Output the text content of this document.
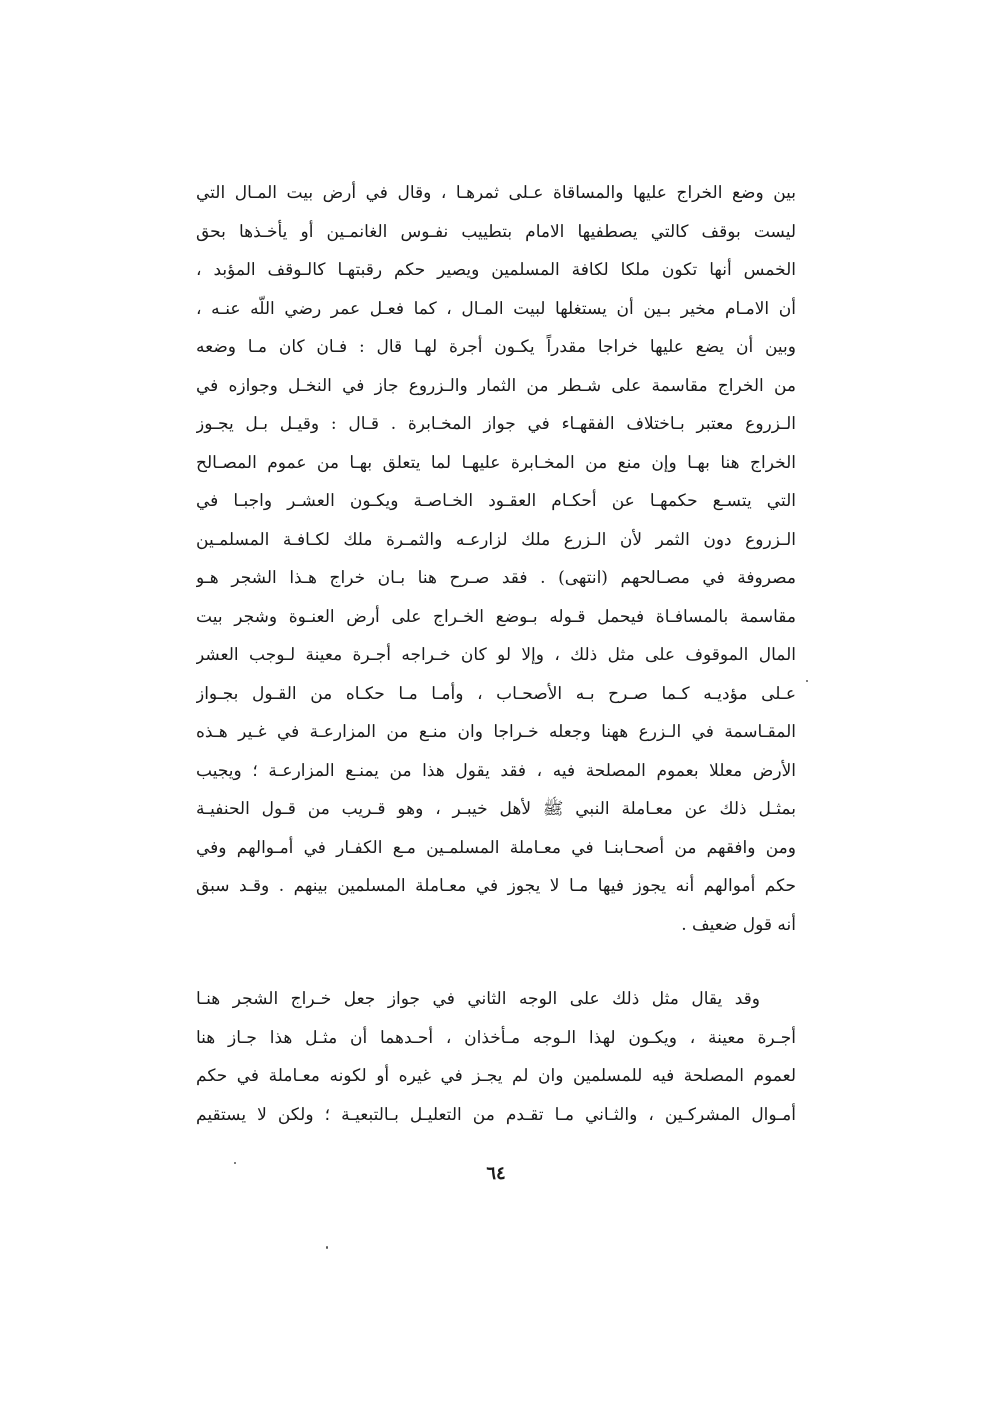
بين وضع الخراج عليها والمساقاة عـلى ثمرهـا ، وقال في أرض بيت المـال التي
ليست بوقف كالتي يصطفيها الامام بتطييب نفـوس الغانمـين أو يأخـذها بحق
الخمس أنها تكون ملكا لكافة المسلمين ويصير حكم رقبتهـا كالـوقف المؤبد ،
أن الامـام مخير بـين أن يستغلها لبيت المـال ، كما فعـل عمر رضي اللّه عنـه ،
وبين أن يضع عليها خراجا مقدراً يكـون أجرة لهـا قال : فـان كان مـا وضعه
من الخراج مقاسمة على شـطر من الثمار والـزروع جاز في النخـل وجوازه في
الـزروع معتبر بـاختلاف الفقهـاء في جواز المخـابرة . قـال : وقيـل بـل يجـوز
الخراج هنا بهـا وإن منع من المخـابرة عليهـا لما يتعلق بهـا من عموم المصـالح
التي يتسـع حكمهـا عن أحكـام العقـود الخـاصـة ويكـون العشـر واجبـا في
الـزروع دون الثمر لأن الـزرع ملك لزارعـه والثمـرة ملك لكـافـة المسلمـين
مصروفة في مصـالحهم (انتهى) . فقد صـرح هنا بـان خراج هـذا الشجر هـو
مقاسمة بالمسافـاة فيحمل قـوله بـوضع الخـراج على أرض العنـوة وشجر بيت
المال الموقوف على مثل ذلك ، وإلا لو كان خـراجه أجـرة معينة لـوجب العشر
عـلى مؤديـه كـما صـرح بـه الأصحـاب ، وأمـا مـا حكـاه من القـول بجـواز
المقـاسمة في الـزرع ههنا وجعله خـراجا وان منـع من المزارعـة في غـير هـذه
الأرض معللا بعموم المصلحة فيه ، فقد يقول هذا من يمنـع المزارعـة ؛ ويجيب
بمثـل ذلك عن معـاملة النبي ﷺ لأهل خيبـر ، وهو قـريب من قـول الحنفيـة
ومن وافقهم من أصحـابنـا في معـاملة المسلمـين مـع الكفـار في أمـوالهم وفي
حكم أموالهم أنه يجوز فيها مـا لا يجوز في معـاملة المسلمين بينهم . وقـد سبق
أنه قول ضعيف .
وقد يقال مثل ذلك على الوجه الثاني في جواز جعل خـراج الشجر هنـا
أجـرة معينة ، ويكـون لهذا الـوجه مـأخذان ، أحـدهما أن مثـل هذا جـاز هنا
لعموم المصلحة فيه للمسلمين وان لم يجـز في غيره أو لكونه معـاملة في حكم
أمـوال المشركـين ، والثـاني مـا تقـدم من التعليـل بـالتبعيـة ؛ ولكن لا يستقيم
٦٤
